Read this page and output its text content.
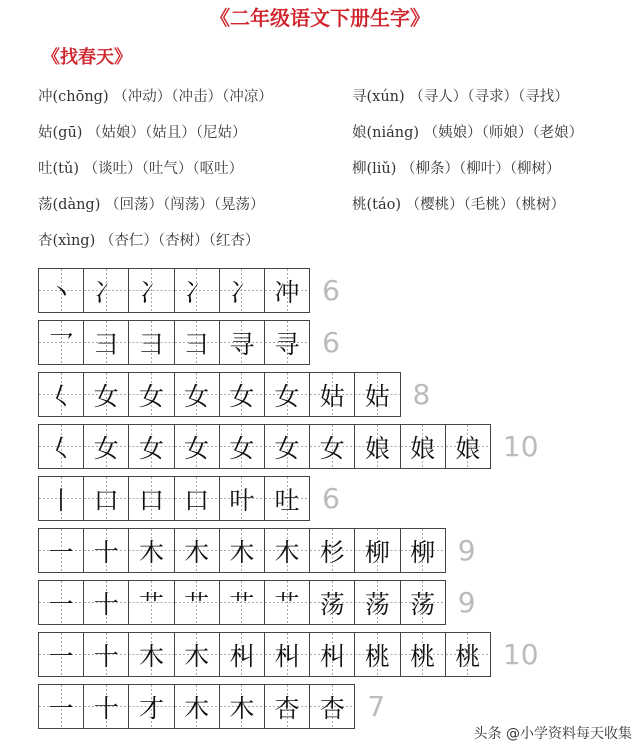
《二年级语文下册生字》
《找春天》
冲(chōng) （冲动）（冲击）（冲凉）
姑(gū) （姑娘）（姑且）（尼姑）
吐(tǔ) （谈吐）（吐气）（呕吐）
荡(dàng) （回荡）（闯荡）（晃荡）
杏(xìng) （杏仁）（杏树）（红杏）
寻(xún) （寻人）（寻求）（寻找）
娘(niáng) （姨娘）（师娘）（老娘）
柳(liǔ) （柳条）（柳叶）（柳树）
桃(táo) （樱桃）（毛桃）（桃树）
丶 冫 冫 冫 冫 冲 6
乛 彐 彐 彐 寻 寻 6
𡿨 女 女 女 女 女 姑 姑 8
𡿨 女 女 女 女 女 女 娘 娘 娘 10
丨 口 口 口 叶 吐 6
一 十 木 木 木 木 杉 柳 柳 9
一 十 艹 艹 艹 艹 荡 荡 荡 9
一 十 木 木 朻 朻 朻 桃 桃 桃 10
一 十 才 木 木 杏 杏 7
头条 @小学资料每天收集
